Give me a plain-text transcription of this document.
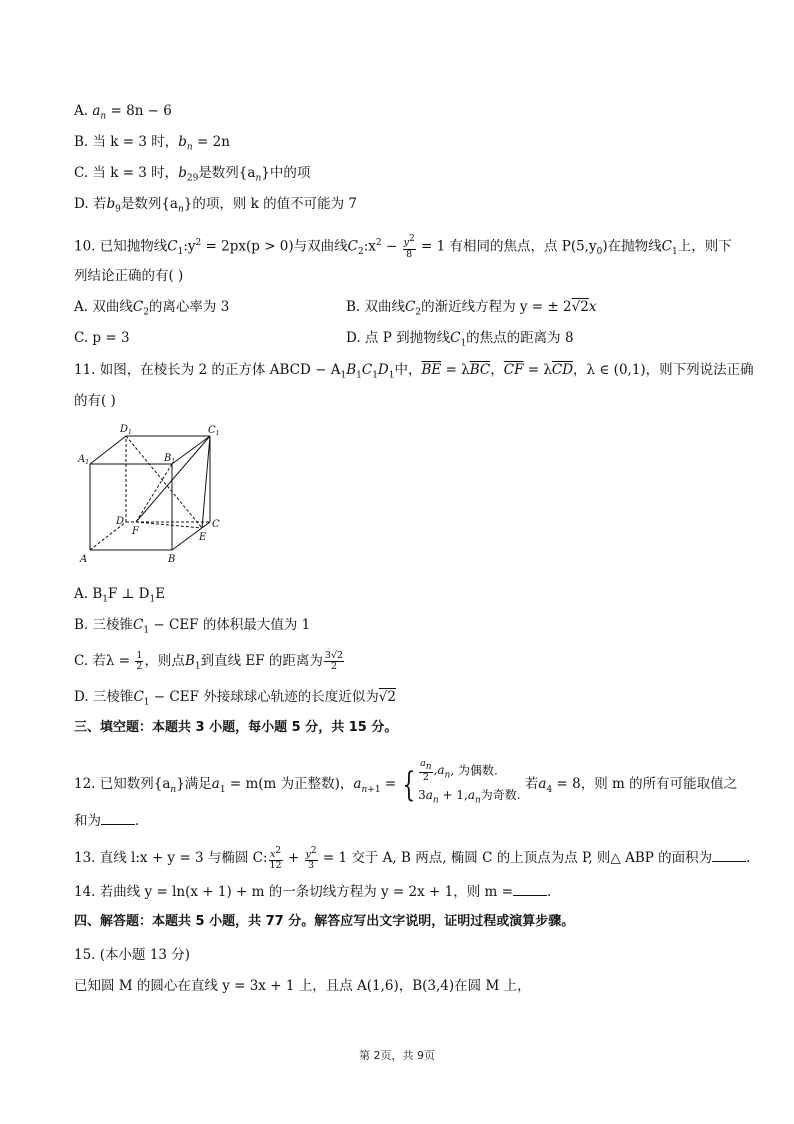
A. $a_n = 8n - 6$
B. 当 k = 3 时，$b_n = 2n$
C. 当 k = 3 时，$b_{29}$是数列$\{a_n\}$中的项
D. 若$b_9$是数列$\{a_n\}$的项，则 k 的值不可能为 7
10. 已知抛物线$C_1:y^2 = 2px(p > 0)$与双曲线$C_2:x^2 - \frac{y^2}{8} = 1$ 有相同的焦点，点 $P(5,y_0)$在抛物线$C_1$上，则下
列结论正确的有( )
A. 双曲线$C_2$的离心率为 3	B. 双曲线$C_2$的渐近线方程为 y = ± 2√2x
C. p = 3	D. 点 P 到抛物线$C_1$的焦点的距离为 8
11. 如图，在棱长为 2 的正方体 ABCD − $A_1B_1C_1D_1$中，$\overline{BE} = \lambda\overline{BC}$，$\overline{CF} = \lambda\overline{CD}$，λ ∈ (0,1)，则下列说法正确
的有( )
$D_1$	$C_1$
$A_1$	$B_1$
D	C
F
E
A	B
A. $B_1F$ ⊥ $D_1E$
B. 三棱锥$C_1$ − CEF 的体积最大值为 1
C. 若$\lambda = \frac{1}{2}$ ，则点$B_1$到直线 EF 的距离为 $\frac{3√2}{2}$
D. 三棱锥$C_1$ − CEF 外接球球心轨迹的长度近似为√2
三、填空题：本题共 3 小题，每小题 5 分，共 15 分。
12. 已知数列$\{a_n\}$满足$a_1 = m(m$ 为正整数)，$a_{n+1}$ = { $\frac{a_n}{2} ,a_n$, 为偶数.
$3a_n + 1,a_n$为奇数.
若$a_4 = 8$，则 m 的所有可能取值之
和为	.
13. 直线 l:x + y = 3 与椭圆 C: $\frac{x^2}{12} + \frac{y^2}{3} = 1$ 交于 A, B 两点, 椭圆 C 的上顶点为点 P, 则△ ABP 的面积为	.
14. 若曲线 y = ln(x + 1) + m 的一条切线方程为 y = 2x + 1，则 m =	.
四、解答题：本题共 5 小题，共 77 分。解答应写出文字说明，证明过程或演算步骤。
15. (本小题 13 分)
已知圆 M 的圆心在直线 y = 3x + 1 上，且点 A(1,6)，B(3,4)在圆 M 上，
第 2页，共 9页
